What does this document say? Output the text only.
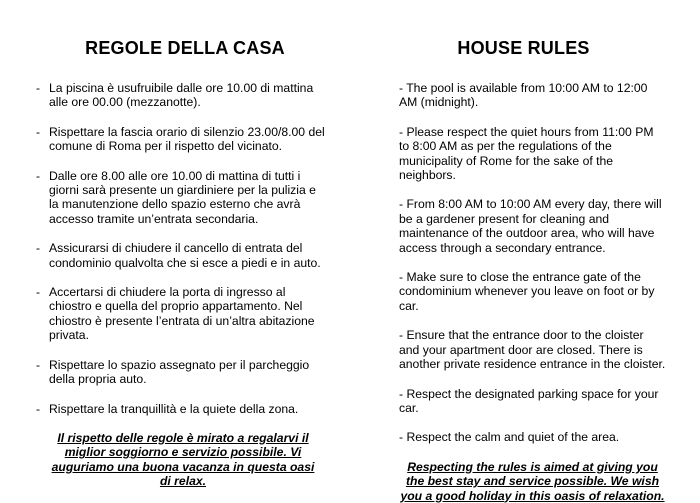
REGOLE DELLA CASA
- La piscina è usufruibile dalle ore 10.00 di mattina alle ore 00.00 (mezzanotte).
- Rispettare la fascia orario di silenzio 23.00/8.00 del comune di Roma per il rispetto del vicinato.
- Dalle ore 8.00 alle ore 10.00 di mattina di tutti i giorni sarà presente un giardiniere per la pulizia e la manutenzione dello spazio esterno che avrà accesso tramite un’entrata secondaria.
- Assicurarsi di chiudere il cancello di entrata del condominio qualvolta che si esce a piedi e in auto.
- Accertarsi di chiudere la porta di ingresso al chiostro e quella del proprio appartamento. Nel chiostro è presente l’entrata di un’altra abitazione privata.
- Rispettare lo spazio assegnato per il parcheggio della propria auto.
- Rispettare la tranquillità e la quiete della zona.
Il rispetto delle regole è mirato a regalarvi il miglior soggiorno e servizio possibile. Vi auguriamo una buona vacanza in questa oasi di relax.
HOUSE RULES
- The pool is available from 10:00 AM to 12:00 AM (midnight).
- Please respect the quiet hours from 11:00 PM to 8:00 AM as per the regulations of the municipality of Rome for the sake of the neighbors.
- From 8:00 AM to 10:00 AM every day, there will be a gardener present for cleaning and maintenance of the outdoor area, who will have access through a secondary entrance.
- Make sure to close the entrance gate of the condominium whenever you leave on foot or by car.
- Ensure that the entrance door to the cloister and your apartment door are closed. There is another private residence entrance in the cloister.
- Respect the designated parking space for your car.
- Respect the calm and quiet of the area.
Respecting the rules is aimed at giving you the best stay and service possible. We wish you a good holiday in this oasis of relaxation.
